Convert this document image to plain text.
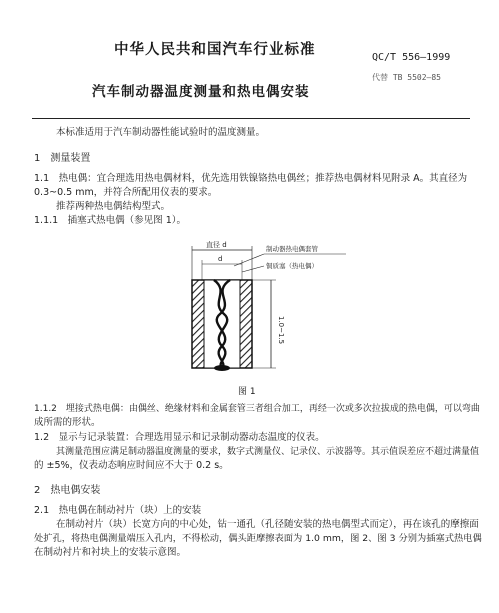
中华人民共和国汽车行业标准	QC/T 556—1999
代替 TB 5502—85
汽车制动器温度测量和热电偶安装
本标准适用于汽车制动器性能试验时的温度测量。
1　测量装置
1.1　热电偶：宜合理选用热电偶材料，优先选用铁镍铬热电偶丝；推荐热电偶材料见附录 A。其直径为
0.3~0.5 mm，并符合所配用仪表的要求。
推荐两种热电偶结构型式。
1.1.1　插塞式热电偶（参见图 1）。
直径 d
d
制动器热电偶套管
铜质塞（热电偶）
1.0~1.5
图 1
1.1.2　埋接式热电偶：由偶丝、绝缘材料和金属套管三者组合加工，再经一次或多次拉拔成的热电偶，可以弯曲
成所需的形状。
1.2　显示与记录装置：合理选用显示和记录制动器动态温度的仪表。
其测量范围应满足制动器温度测量的要求，数字式测量仪、记录仪、示波器等。其示值误差应不超过满量值
的 ±5%，仪表动态响应时间应不大于 0.2 s。
2　热电偶安装
2.1　热电偶在制动衬片（块）上的安装
在制动衬片（块）长宽方向的中心处，钻一通孔（孔径随安装的热电偶型式而定），再在该孔的摩擦面
处扩孔，将热电偶测量端压入孔内，不得松动，偶头距摩擦表面为 1.0 mm，图 2、图 3 分别为插塞式热电偶
在制动衬片和衬块上的安装示意图。
